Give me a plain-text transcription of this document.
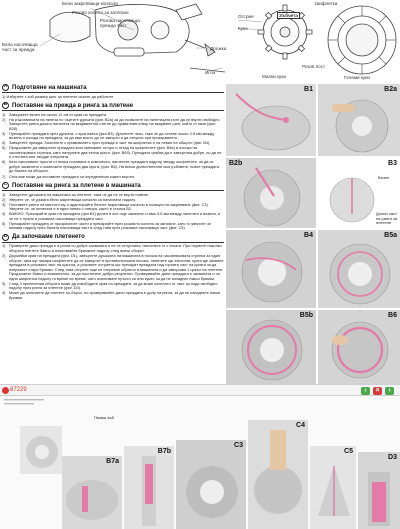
Бели закрепващи конзоли
Розово колело за затягане
Розова насочваща прежда част
Бяла насочваща част за прежда	Дръжка
Игла
Острие
Кука
Шифлетка
Зъбчета
Малки куки
Розов пост
Големи куки
A Подготвяне на машината
1) Изберете с кой размер кръг за плетене искате да работите
B Поставяне на прежда в ринга за плетене
1) Завържете възел на около 12 см от края на преждата.
2) На ръкохватката на пинеза по чъртите дупката (фиг. В2а) за да позволите на пинетицата ринг да се върти свободно. Завъртете ринга докато пинетата на вкарванетоѝ стигне до правилния отвор на вкарване ринг, който го пази (фиг. В2б).
3) Прекарайте преждата през дупката, с кукa навън (фиг.В3). Дръпнете леко, така че да остане около 3-5 мм между възела и изхода на преждата, за да има място до се завърти и да отпусна при прокарването.
4) Завъртете прежда. Започнете с примиването през прежда в част на шифлетка и на левия на ъбщото (фиг. В4).
5) Продължете да завъртате преждата като минавате отгоре и отзад на шифлетите (фиг. В5а) в посока на часовниковата стрелка, като натрупате два етапа кръга. (фиг. В5б). Преждата трябва да е завъртяна добре, но да не е стегната или твърде отпусната.
6) Като използвате пръсти от всяка половина и комплекта, нагнетете преждата надолу, между шифлетите, за да се добре зазвените и композите преждата два кръга. (фиг. В6). На всеки допълнителни към ръбовете, юзьте преждата до базата на оборота.
7) Сега вие може да поставите преждата си определения кожен въртел.
C Поставяне на ринга за плетене в машината
1) Завъртете дръжката на машината за плетене, така че да не се върти повече.
2) Уверете се, че дъвата бели закрепващи конзоли са натиснати надолу.
3) Поставете ринга на мястото му и адаптирайте белите закрепващи конзоли в позиция на закрепване (фиг. С3). Уверете се, че пинетата е в една линия с отвора, както в стъпка В2.
4) ВАЖНО: Прекарайте края на преждата (фиг.В1) долен в осе още закачено и има 3-5 мм между пинетата и възела, и че не е нужно в розовата насочваща преждата част.
5) Прекарайте преждата от прозрачните части и прекарайте през розовото колело за затягане, като го уверите че минава надолу през бялата насочваща част в след това през розовата насочваща част (фиг. С5).
D Да започваме плетенето
1) Проверете дали прежда е в ринга си добре захваната и не се отпуснала, натиснете го с ятката. При първите няколко оборота плетете бавно и използвайте бримките надолу след всеки оборот.
2) Държейки края на преждата (фиг. D1), завъртете дръжката на машината в посока на часовниковата стрелка за един оборот, така ще накара шифлетите да се завъртят в противоположна посока, пинетите ще започнат, кукта ще захване преждата в розовата част на цикъла, а розовите остриета ще прекарат преждата над горната част на куката за да изпразнят стари бримки. След това отпрете още се отпревне обратно в машината и да завършва 1 цикъл на плетене. Продължете бавно и внимателно, за да постигнете добри резултати. Проверявайте дали преждата е захваната и по една шифлетка надолу ги време на време, като използвате пръсти си или кукат, за да не изпаднат някои бримки.
3) След 3 пренесения оборота може да освободите края на преждата, за да може колелото от част за пода свободно надолу през ринга за плетене (фиг. D3).
4) Може да започнете да плетете по-бързо, но проверявайте дали преждата е долу на ринга, за да не изпаднете някои бримки.
B1	B2a
B2b	B3
Възел
Долни част на ринга за плетене
B4	B5a
B5b	B6
87229	‹	×	›
B7a
Пазеш зъб
B7b
C3
C4
C5
D3
